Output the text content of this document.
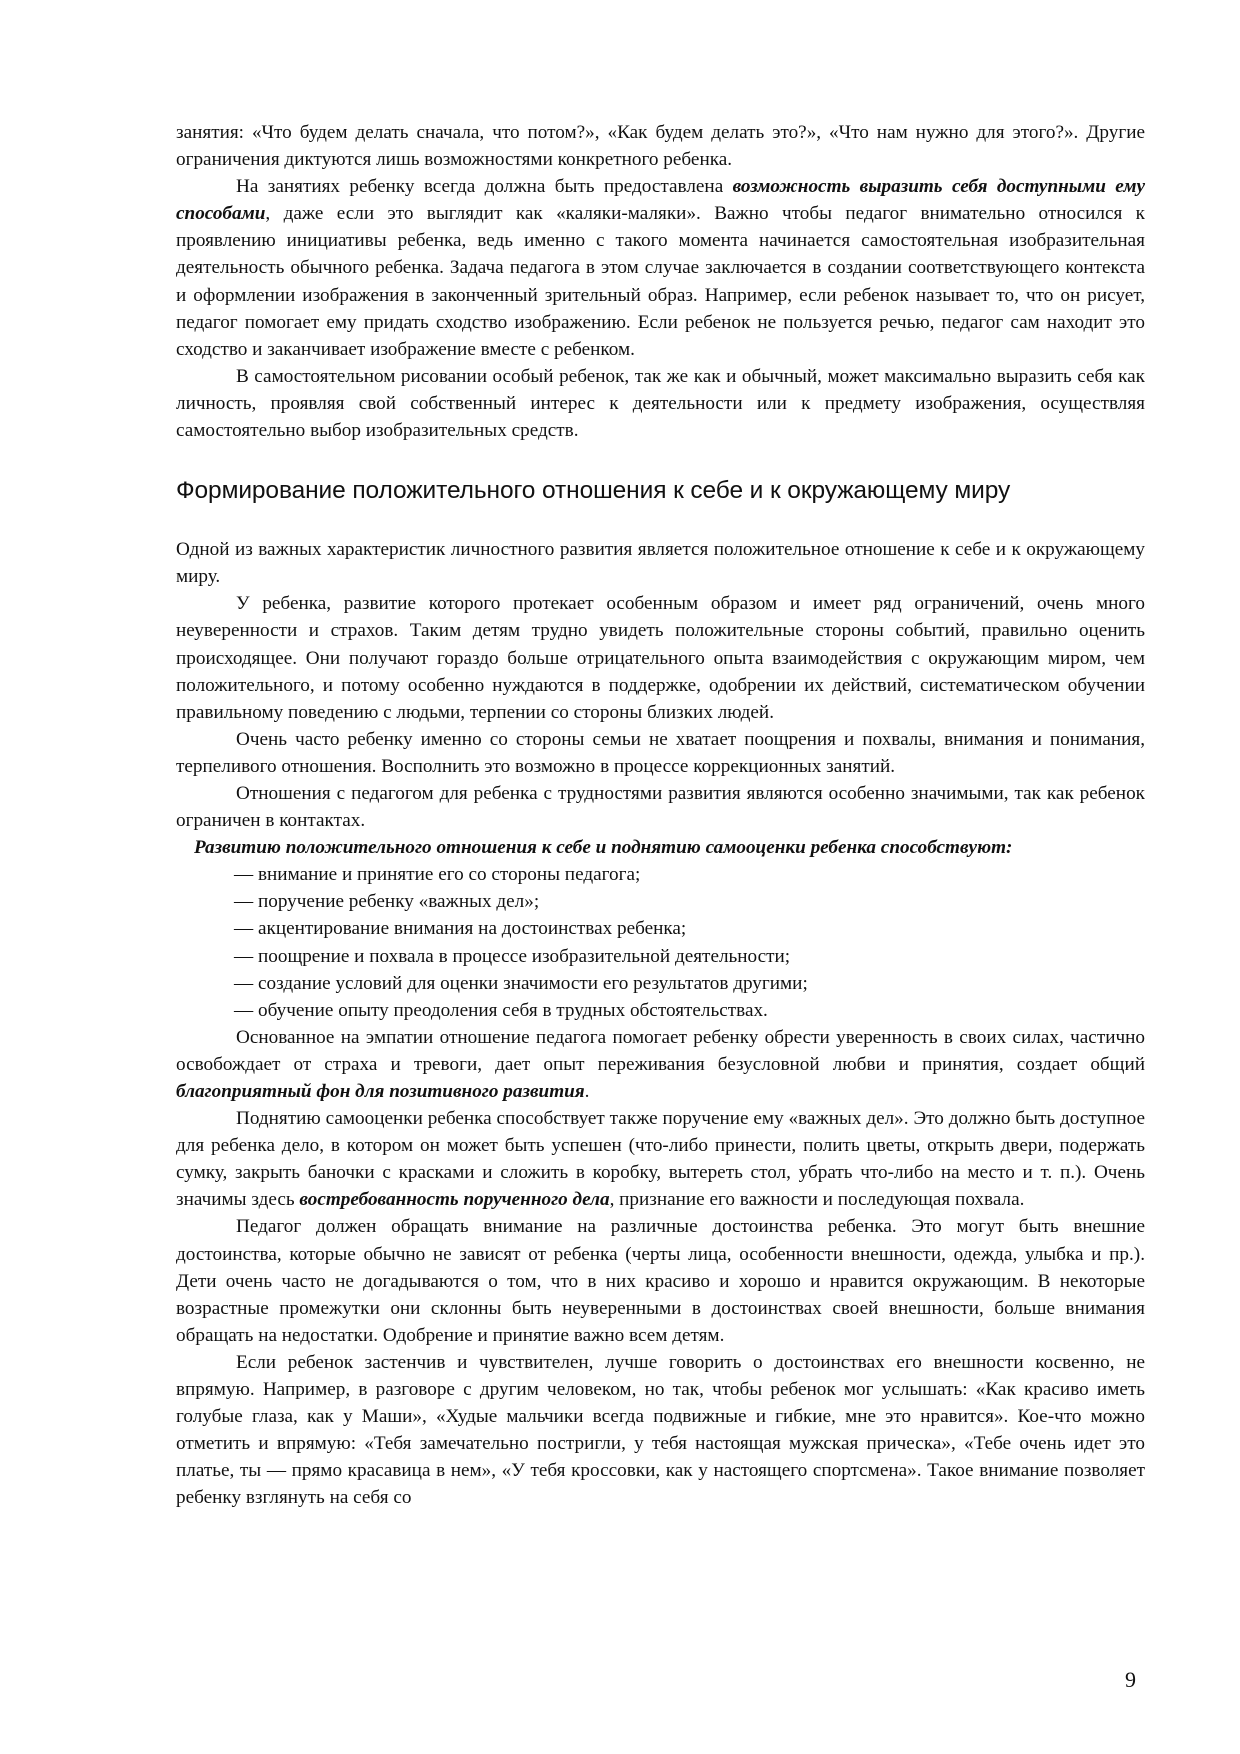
занятия: «Что будем делать сначала, что потом?», «Как будем делать это?», «Что нам нужно для этого?». Другие ограничения диктуются лишь возможностями конкретного ребенка.

На занятиях ребенку всегда должна быть предоставлена возможность выразить себя доступными ему способами, даже если это выглядит как «каляки-маляки». Важно чтобы педагог внимательно относился к проявлению инициативы ребенка, ведь именно с такого момента начинается самостоятельная изобразительная деятельность обычного ребенка. Задача педагога в этом случае заключается в создании соответствующего контекста и оформлении изображения в законченный зрительный образ. Например, если ребенок называет то, что он рисует, педагог помогает ему придать сходство изображению. Если ребенок не пользуется речью, педагог сам находит это сходство и заканчивает изображение вместе с ребенком.

В самостоятельном рисовании особый ребенок, так же как и обычный, может максимально выразить себя как личность, проявляя свой собственный интерес к деятельности или к предмету изображения, осуществляя самостоятельно выбор изобразительных средств.

Формирование положительного отношения к себе и к окружающему миру

Одной из важных характеристик личностного развития является положительное отношение к себе и к окружающему миру.

У ребенка, развитие которого протекает особенным образом и имеет ряд ограничений, очень много неуверенности и страхов. Таким детям трудно увидеть положительные стороны событий, правильно оценить происходящее. Они получают гораздо больше отрицательного опыта взаимодействия с окружающим миром, чем положительного, и потому особенно нуждаются в поддержке, одобрении их действий, систематическом обучении правильному поведению с людьми, терпении со стороны близких людей.

Очень часто ребенку именно со стороны семьи не хватает поощрения и похвалы, внимания и понимания, терпеливого отношения. Восполнить это возможно в процессе коррекционных занятий.

Отношения с педагогом для ребенка с трудностями развития являются особенно значимыми, так как ребенок ограничен в контактах.

Развитию положительного отношения к себе и поднятию самооценки ребенка способствуют:

— внимание и принятие его со стороны педагога;
— поручение ребенку «важных дел»;
— акцентирование внимания на достоинствах ребенка;
— поощрение и похвала в процессе изобразительной деятельности;
— создание условий для оценки значимости его результатов другими;
— обучение опыту преодоления себя в трудных обстоятельствах.

Основанное на эмпатии отношение педагога помогает ребенку обрести уверенность в своих силах, частично освобождает от страха и тревоги, дает опыт переживания безусловной любви и принятия, создает общий благоприятный фон для позитивного развития.

Поднятию самооценки ребенка способствует также поручение ему «важных дел». Это должно быть доступное для ребенка дело, в котором он может быть успешен (что-либо принести, полить цветы, открыть двери, подержать сумку, закрыть баночки с красками и сложить в коробку, вытереть стол, убрать что-либо на место и т. п.). Очень значимы здесь востребованность порученного дела, признание его важности и последующая похвала.

Педагог должен обращать внимание на различные достоинства ребенка. Это могут быть внешние достоинства, которые обычно не зависят от ребенка (черты лица, особенности внешности, одежда, улыбка и пр.). Дети очень часто не догадываются о том, что в них красиво и хорошо и нравится окружающим. В некоторые возрастные промежутки они склонны быть неуверенными в достоинствах своей внешности, больше внимания обращать на недостатки. Одобрение и принятие важно всем детям.

Если ребенок застенчив и чувствителен, лучше говорить о достоинствах его внешности косвенно, не впрямую. Например, в разговоре с другим человеком, но так, чтобы ребенок мог услышать: «Как красиво иметь голубые глаза, как у Маши», «Худые мальчики всегда подвижные и гибкие, мне это нравится». Кое-что можно отметить и впрямую: «Тебя замечательно постригли, у тебя настоящая мужская прическа», «Тебе очень идет это платье, ты — прямо красавица в нем», «У тебя кроссовки, как у настоящего спортсмена». Такое внимание позволяет ребенку взглянуть на себя со

9
